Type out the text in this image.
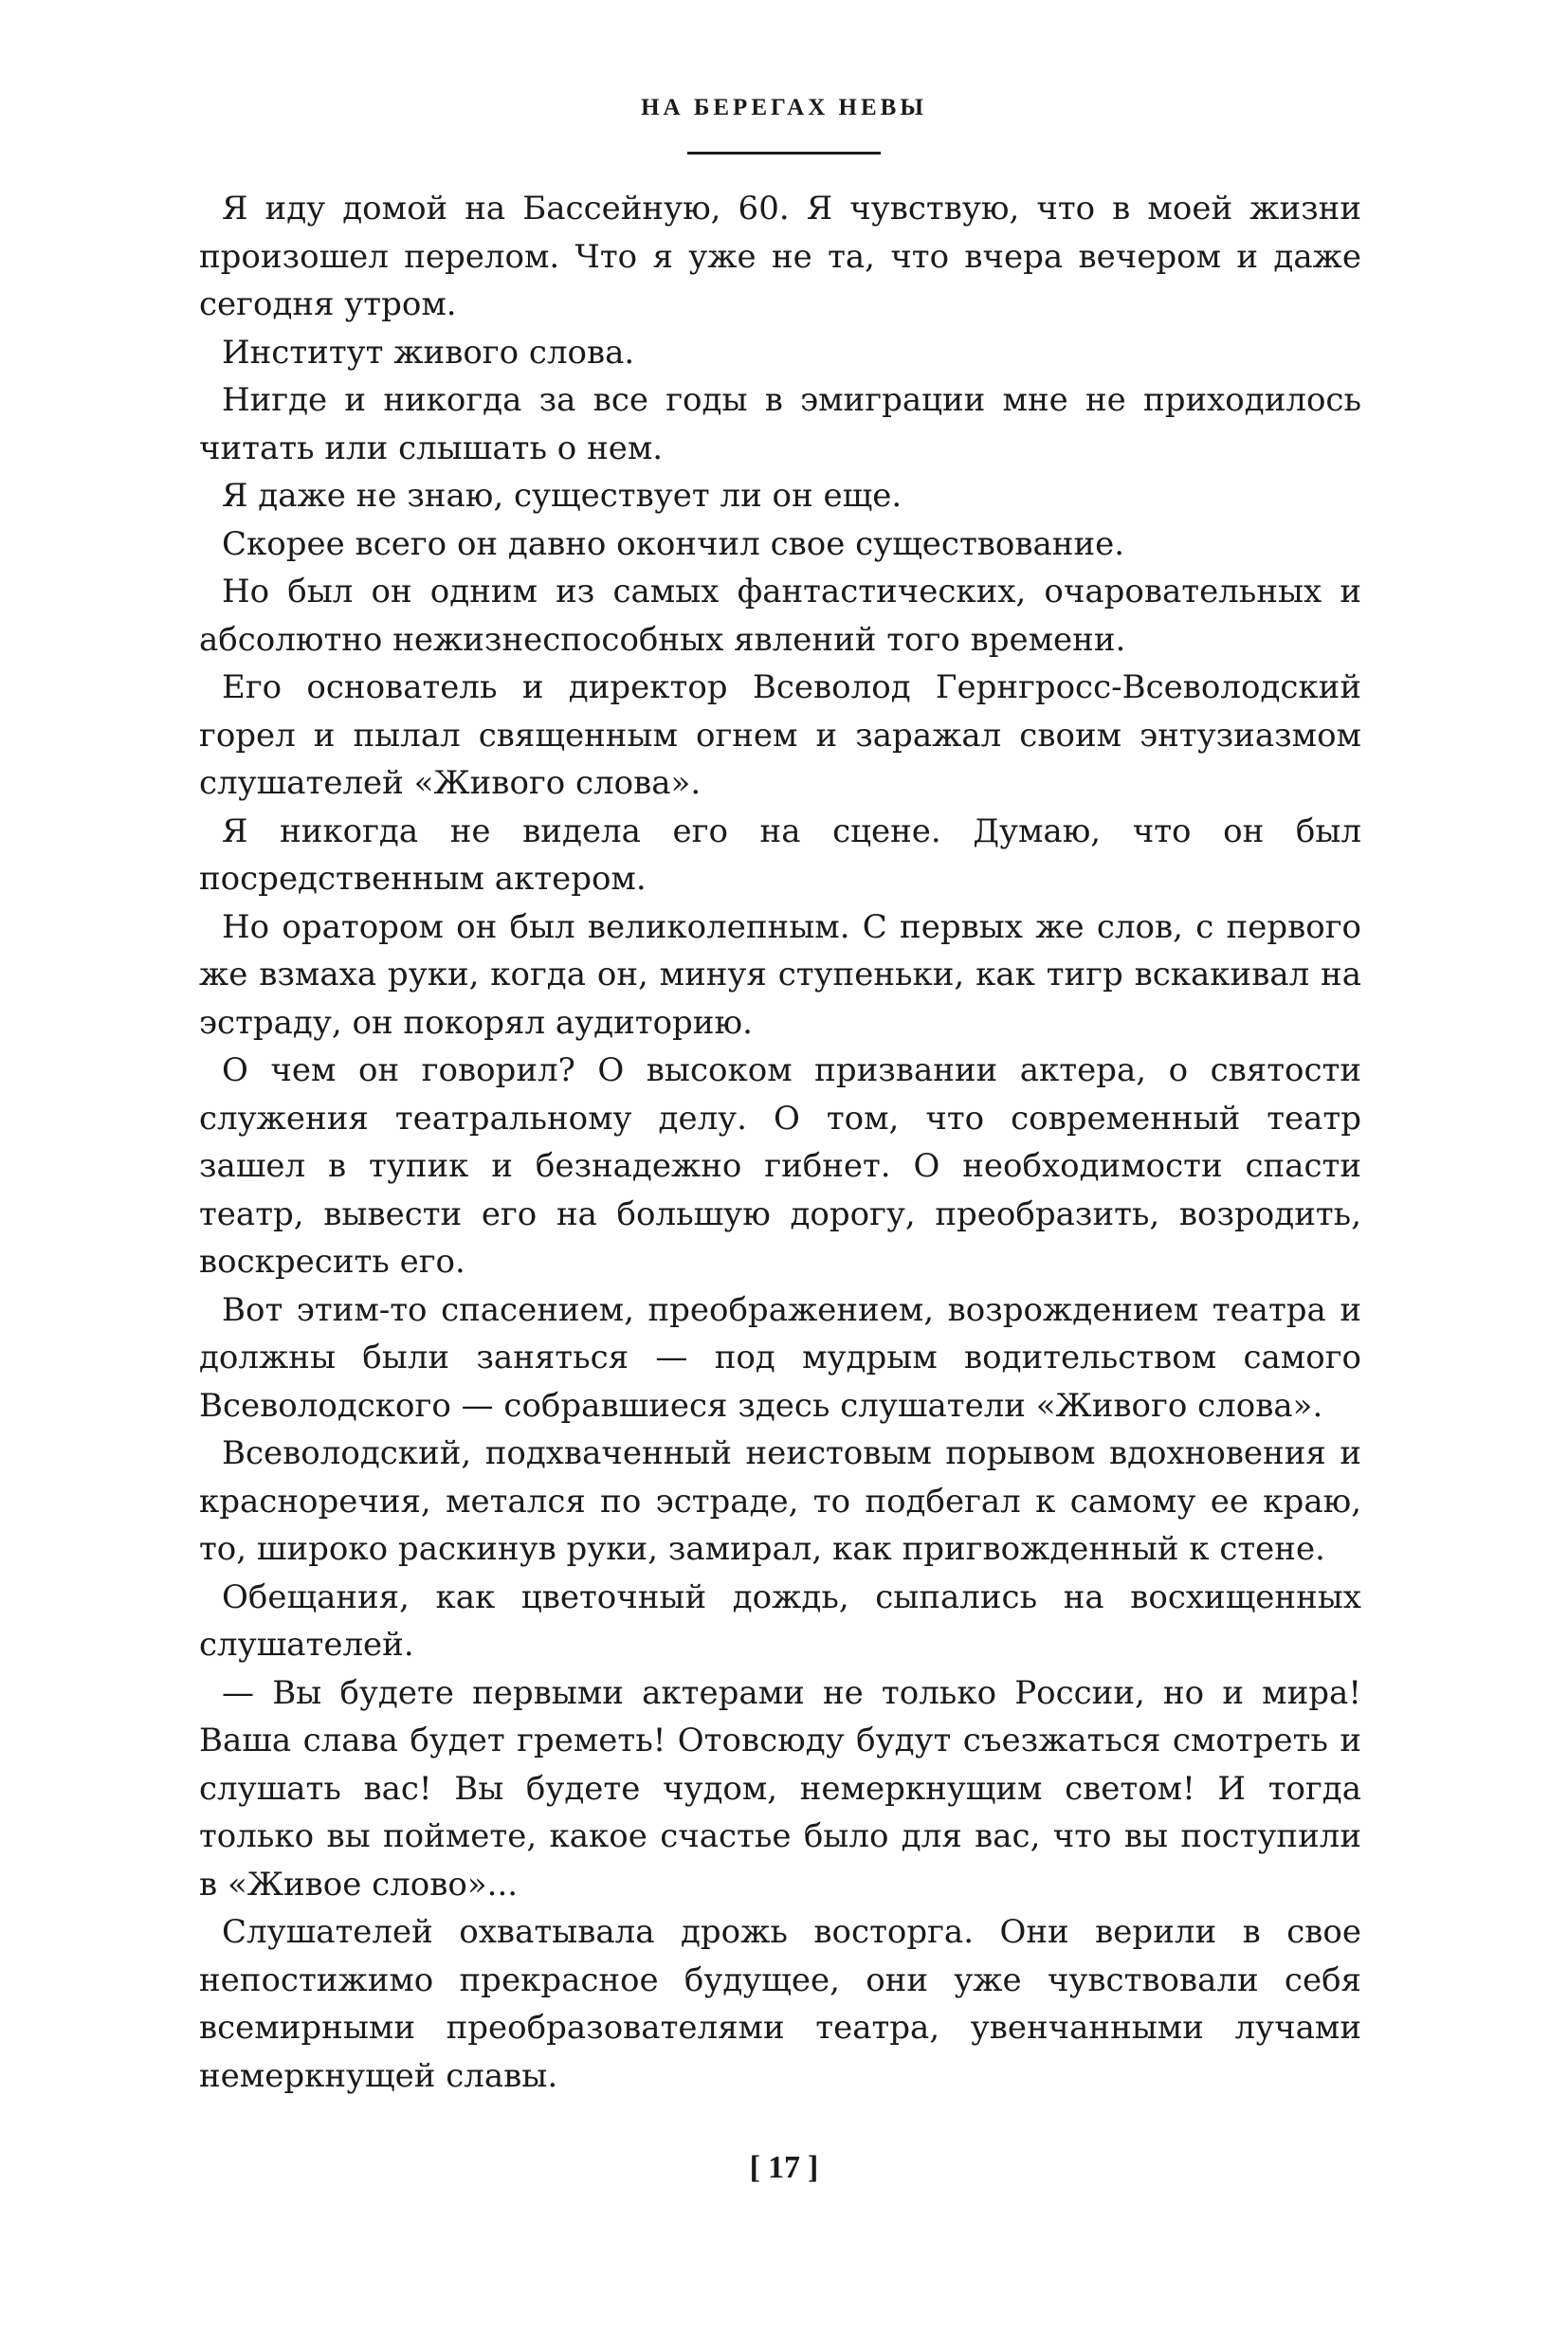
НА БЕРЕГАХ НЕВЫ

Я иду домой на Бассейную, 60. Я чувствую, что в моей жизни произошел перелом. Что я уже не та, что вчера вечером и даже сегодня утром.

Институт живого слова.

Нигде и никогда за все годы в эмиграции мне не приходилось читать или слышать о нем.

Я даже не знаю, существует ли он еще.

Скорее всего он давно окончил свое существование.

Но был он одним из самых фантастических, очаровательных и абсолютно нежизнеспособных явлений того времени.

Его основатель и директор Всеволод Гернгросс-Всеволодский горел и пылал священным огнем и заражал своим энтузиазмом слушателей «Живого слова».

Я никогда не видела его на сцене. Думаю, что он был посредственным актером.

Но оратором он был великолепным. С первых же слов, с первого же взмаха руки, когда он, минуя ступеньки, как тигр вскакивал на эстраду, он покорял аудиторию.

О чем он говорил? О высоком призвании актера, о святости служения театральному делу. О том, что современный театр зашел в тупик и безнадежно гибнет. О необходимости спасти театр, вывести его на большую дорогу, преобразить, возродить, воскресить его.

Вот этим-то спасением, преображением, возрождением театра и должны были заняться — под мудрым водительством самого Всеволодского — собравшиеся здесь слушатели «Живого слова».

Всеволодский, подхваченный неистовым порывом вдохновения и красноречия, метался по эстраде, то подбегал к самому ее краю, то, широко раскинув руки, замирал, как пригвожденный к стене.

Обещания, как цветочный дождь, сыпались на восхищенных слушателей.

— Вы будете первыми актерами не только России, но и мира! Ваша слава будет греметь! Отовсюду будут съезжаться смотреть и слушать вас! Вы будете чудом, немеркнущим светом! И тогда только вы поймете, какое счастье было для вас, что вы поступили в «Живое слово»...

Слушателей охватывала дрожь восторга. Они верили в свое непостижимо прекрасное будущее, они уже чувствовали себя всемирными преобразователями театра, увенчанными лучами немеркнущей славы.

[ 17 ]
